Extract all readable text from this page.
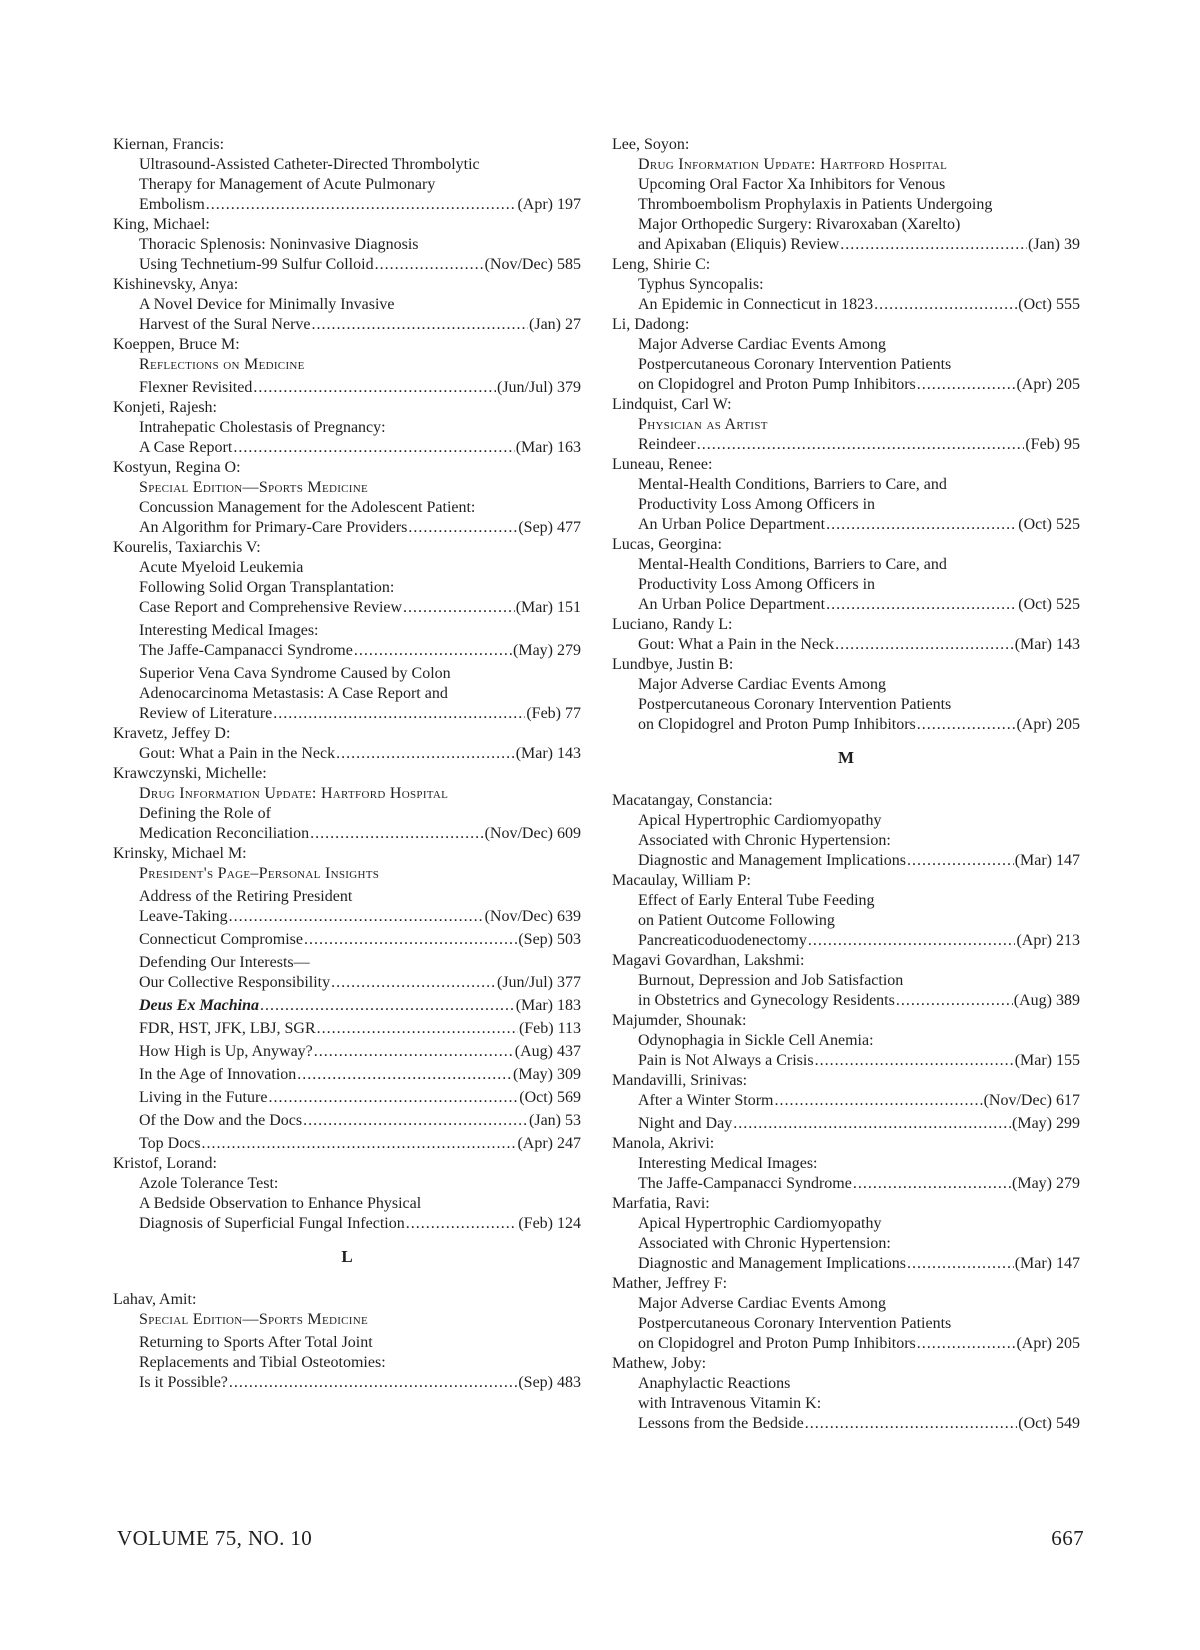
Kiernan, Francis:
Ultrasound-Assisted Catheter-Directed Thrombolytic
Therapy for Management of Acute Pulmonary
Embolism .....	(Apr) 197
King, Michael:
Thoracic Splenosis: Noninvasive Diagnosis
Using Technetium-99 Sulfur Colloid .....	(Nov/Dec) 585
Kishinevsky, Anya:
A Novel Device for Minimally Invasive
Harvest of the Sural Nerve .....	(Jan) 27
Koeppen, Bruce M:
Reflections on Medicine
Flexner Revisited .....	(Jun/Jul) 379
Konjeti, Rajesh:
Intrahepatic Cholestasis of Pregnancy:
A Case Report .....	(Mar) 163
Kostyun, Regina O:
Special Edition—Sports Medicine
Concussion Management for the Adolescent Patient:
An Algorithm for Primary-Care Providers .....	(Sep) 477
Kourelis, Taxiarchis V:
Acute Myeloid Leukemia
Following Solid Organ Transplantation:
Case Report and Comprehensive Review .....	(Mar) 151
Interesting Medical Images:
The Jaffe-Campanacci Syndrome .....	(May) 279
Superior Vena Cava Syndrome Caused by Colon
Adenocarcinoma Metastasis: A Case Report and
Review of Literature .....	(Feb) 77
Kravetz, Jeffey D:
Gout: What a Pain in the Neck .....	(Mar) 143
Krawczynski, Michelle:
Drug Information Update: Hartford Hospital
Defining the Role of
Medication Reconciliation .....	(Nov/Dec) 609
Krinsky, Michael M:
President's Page–Personal Insights
Address of the Retiring President
Leave-Taking .....	(Nov/Dec) 639
Connecticut Compromise .....	(Sep) 503
Defending Our Interests—
Our Collective Responsibility .....	(Jun/Jul) 377
Deus Ex Machina .....	(Mar) 183
FDR, HST, JFK, LBJ, SGR .....	(Feb) 113
How High is Up, Anyway? .....	(Aug) 437
In the Age of Innovation .....	(May) 309
Living in the Future .....	(Oct) 569
Of the Dow and the Docs .....	(Jan) 53
Top Docs .....	(Apr) 247
Kristof, Lorand:
Azole Tolerance Test:
A Bedside Observation to Enhance Physical
Diagnosis of Superficial Fungal Infection .....	(Feb) 124
L
Lahav, Amit:
Special Edition—Sports Medicine
Returning to Sports After Total Joint
Replacements and Tibial Osteotomies:
Is it Possible? .....	(Sep) 483
Lee, Soyon:
Drug Information Update: Hartford Hospital
Upcoming Oral Factor Xa Inhibitors for Venous
Thromboembolism Prophylaxis in Patients Undergoing
Major Orthopedic Surgery: Rivaroxaban (Xarelto)
and Apixaban (Eliquis) Review .....	(Jan) 39
Leng, Shirie C:
Typhus Syncopalis:
An Epidemic in Connecticut in 1823 .....	(Oct) 555
Li, Dadong:
Major Adverse Cardiac Events Among
Postpercutaneous Coronary Intervention Patients
on Clopidogrel and Proton Pump Inhibitors .....	(Apr) 205
Lindquist, Carl W:
Physician as Artist
Reindeer .....	(Feb) 95
Luneau, Renee:
Mental-Health Conditions, Barriers to Care, and
Productivity Loss Among Officers in
An Urban Police Department .....	(Oct) 525
Lucas, Georgina:
Mental-Health Conditions, Barriers to Care, and
Productivity Loss Among Officers in
An Urban Police Department .....	(Oct) 525
Luciano, Randy L:
Gout: What a Pain in the Neck .....	(Mar) 143
Lundbye, Justin B:
Major Adverse Cardiac Events Among
Postpercutaneous Coronary Intervention Patients
on Clopidogrel and Proton Pump Inhibitors .....	(Apr) 205
M
Macatangay, Constancia:
Apical Hypertrophic Cardiomyopathy
Associated with Chronic Hypertension:
Diagnostic and Management Implications .....	(Mar) 147
Macaulay, William P:
Effect of Early Enteral Tube Feeding
on Patient Outcome Following
Pancreaticoduodenectomy .....	(Apr) 213
Magavi Govardhan, Lakshmi:
Burnout, Depression and Job Satisfaction
in Obstetrics and Gynecology Residents .....	(Aug) 389
Majumder, Shounak:
Odynophagia in Sickle Cell Anemia:
Pain is Not Always a Crisis .....	(Mar) 155
Mandavilli, Srinivas:
After a Winter Storm .....	(Nov/Dec) 617
Night and Day .....	(May) 299
Manola, Akrivi:
Interesting Medical Images:
The Jaffe-Campanacci Syndrome .....	(May) 279
Marfatia, Ravi:
Apical Hypertrophic Cardiomyopathy
Associated with Chronic Hypertension:
Diagnostic and Management Implications .....	(Mar) 147
Mather, Jeffrey F:
Major Adverse Cardiac Events Among
Postpercutaneous Coronary Intervention Patients
on Clopidogrel and Proton Pump Inhibitors .....	(Apr) 205
Mathew, Joby:
Anaphylactic Reactions
with Intravenous Vitamin K:
Lessons from the Bedside .....	(Oct) 549
VOLUME 75, NO. 10	667
